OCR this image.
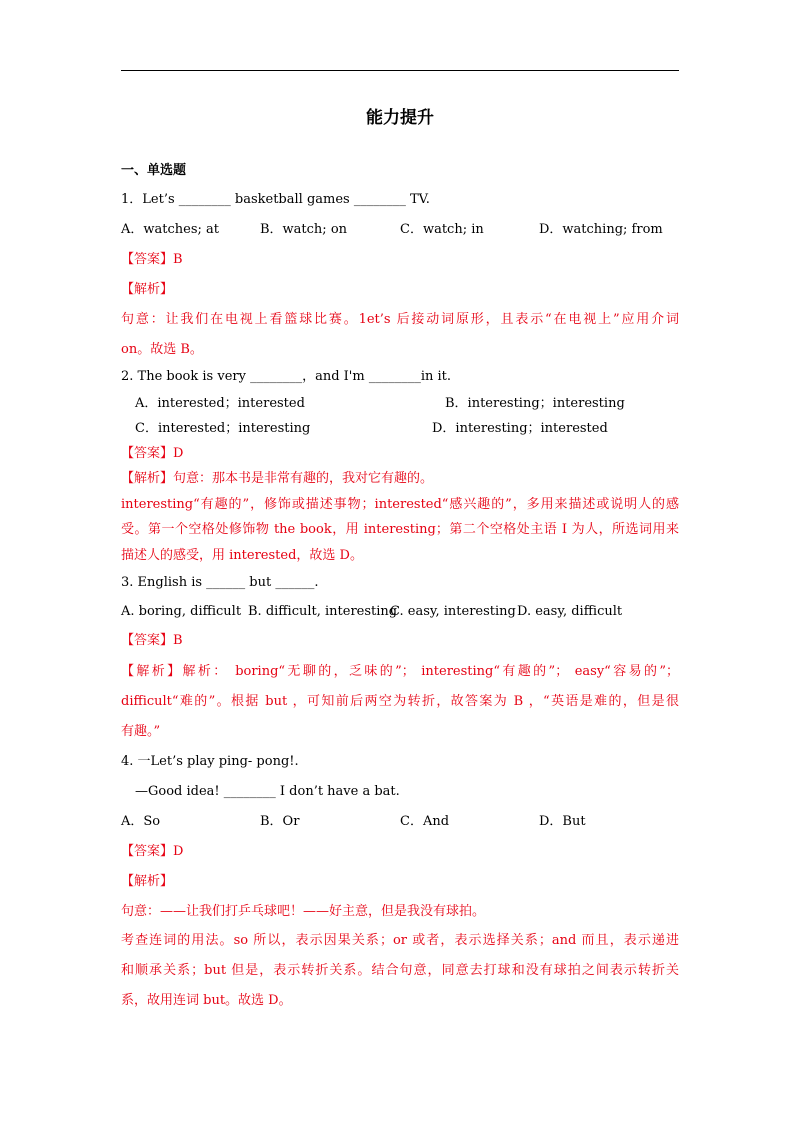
能力提升
一、单选题
1．Let’s ________ basketball games ________ TV.
A．watches; at	B．watch; on	C．watch; in	D．watching; from
【答案】B
【解析】
句意：让我们在电视上看篮球比赛。1et’s 后接动词原形，且表示“在电视上”应用介词
on。故选 B。
2. The book is very ________，and I'm ________in it.
A．interested；interested	B．interesting；interesting
C．interested；interesting	D．interesting；interested
【答案】D
【解析】句意：那本书是非常有趣的，我对它有趣的。
interesting“有趣的”，修饰或描述事物；interested“感兴趣的”，多用来描述或说明人的感
受。第一个空格处修饰物 the book，用 interesting；第二个空格处主语 I 为人，所选词用来
描述人的感受，用 interested，故选 D。
3. English is ______ but ______.
A. boring, difficult B. difficult, interesting
C. easy, interesting D. easy, difficult
【答案】B
【解析】解析： boring“无聊的，乏味的”； interesting“有趣的”； easy“容易的”；
difficult“难的”。根据 but ，可知前后两空为转折，故答案为 B ，“英语是难的，但是很
有趣。”
4. 一Let’s play ping- pong!.
—Good idea! ________ I don’t have a bat.
A．So	B．Or	C．And	D．But
【答案】D
【解析】
句意：——让我们打乒乓球吧！——好主意，但是我没有球拍。
考查连词的用法。so 所以，表示因果关系；or 或者，表示选择关系；and 而且，表示递进
和顺承关系；but 但是，表示转折关系。结合句意，同意去打球和没有球拍之间表示转折关
系，故用连词 but。故选 D。
